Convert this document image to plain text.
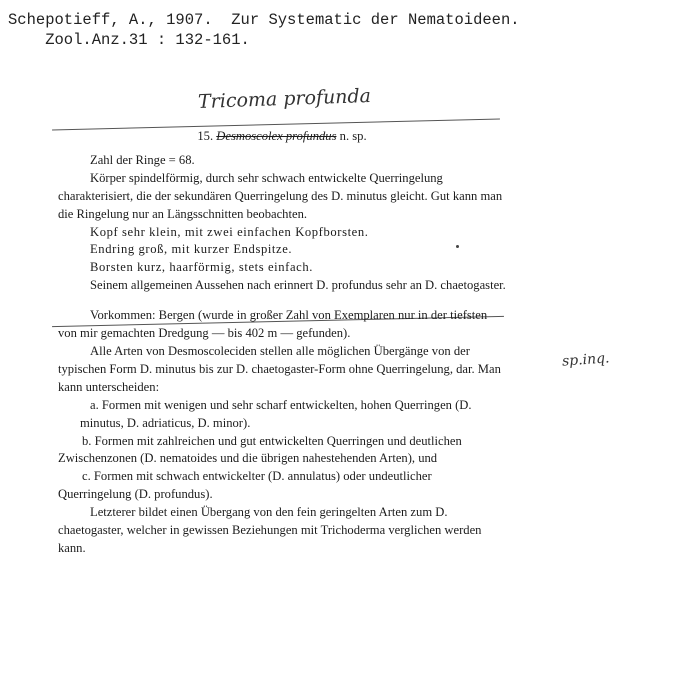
Schepotieff, A., 1907.  Zur Systematic der Nematoideen.
Zool.Anz.31 : 132-161.
Tricoma profunda
sp.inq.

15. Desmoscolex profundus n. sp.

Zahl der Ringe = 68.

Körper spindelförmig, durch sehr schwach entwickelte Querringelung charakterisiert, die der sekundären Querringelung des D. minutus gleicht. Gut kann man die Ringelung nur an Längsschnitten beobachten.

Kopf sehr klein, mit zwei einfachen Kopfborsten.

Endring groß, mit kurzer Endspitze.

Borsten kurz, haarförmig, stets einfach.

Seinem allgemeinen Aussehen nach erinnert D. profundus sehr an D. chaetogaster.

Vorkommen: Bergen (wurde in großer Zahl von Exemplaren nur in der tiefsten von mir gemachten Dredgung — bis 402 m — gefunden).

Alle Arten von Desmoscoleciden stellen alle möglichen Übergänge von der typischen Form D. minutus bis zur D. chaetogaster-Form ohne Querringelung, dar. Man kann unterscheiden:

a. Formen mit wenigen und sehr scharf entwickelten, hohen Querringen (D. minutus, D. adriaticus, D. minor).

b. Formen mit zahlreichen und gut entwickelten Querringen und deutlichen Zwischenzonen (D. nematoides und die übrigen nahestehenden Arten), und

c. Formen mit schwach entwickelter (D. annulatus) oder undeutlicher Querringelung (D. profundus).

Letzterer bildet einen Übergang von den fein geringelten Arten zum D. chaetogaster, welcher in gewissen Beziehungen mit Trichoderma verglichen werden kann.
